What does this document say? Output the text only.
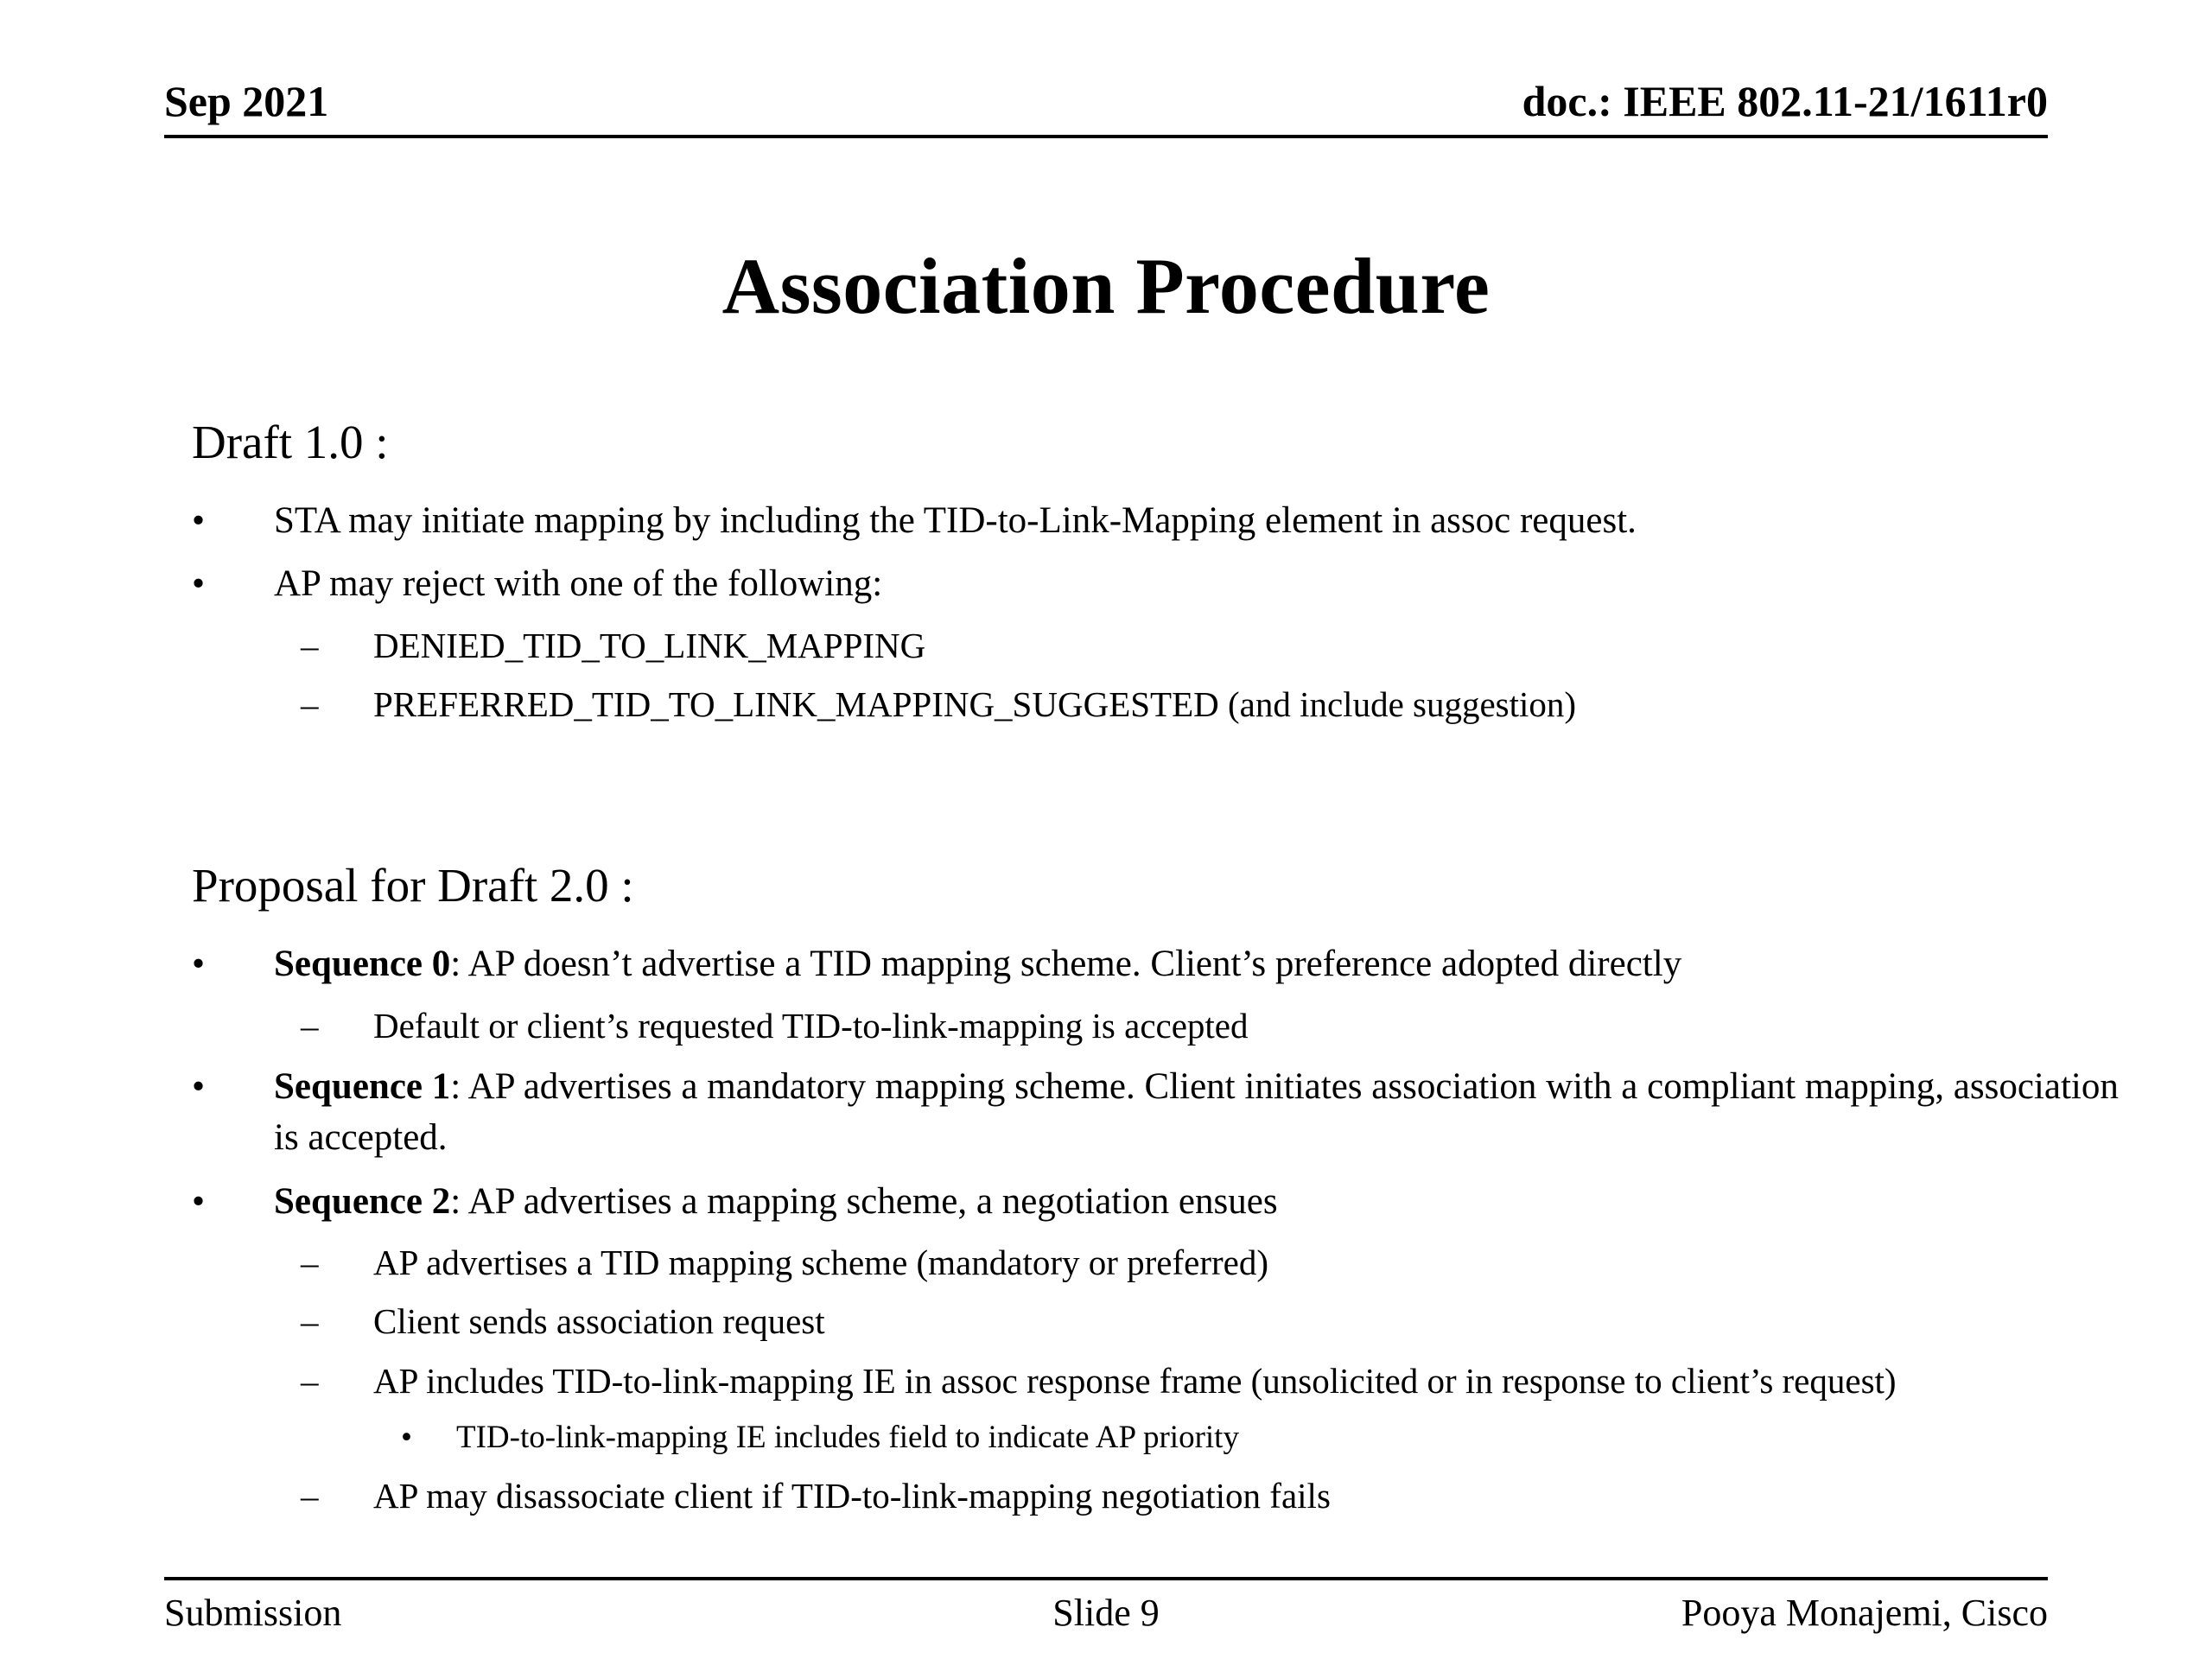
Sep 2021	doc.: IEEE 802.11-21/1611r0
Association Procedure
Draft 1.0 :
•	STA may initiate mapping by including the TID-to-Link-Mapping element in assoc request.
•	AP may reject with one of the following:
–	DENIED_TID_TO_LINK_MAPPING
–	PREFERRED_TID_TO_LINK_MAPPING_SUGGESTED (and include suggestion)
Proposal for Draft 2.0 :
•	Sequence 0: AP doesn’t advertise a TID mapping scheme. Client’s preference adopted directly
–	Default or client’s requested TID-to-link-mapping is accepted
•	Sequence 1: AP advertises a mandatory mapping scheme. Client initiates association with a compliant mapping, association is accepted.
•	Sequence 2: AP advertises a mapping scheme, a negotiation ensues
–	AP advertises a TID mapping scheme (mandatory or preferred)
–	Client sends association request
–	AP includes TID-to-link-mapping IE in assoc response frame (unsolicited or in response to client’s request)
•	TID-to-link-mapping IE includes field to indicate AP priority
–	AP may disassociate client if TID-to-link-mapping negotiation fails
Submission	Slide 9	Pooya Monajemi, Cisco
